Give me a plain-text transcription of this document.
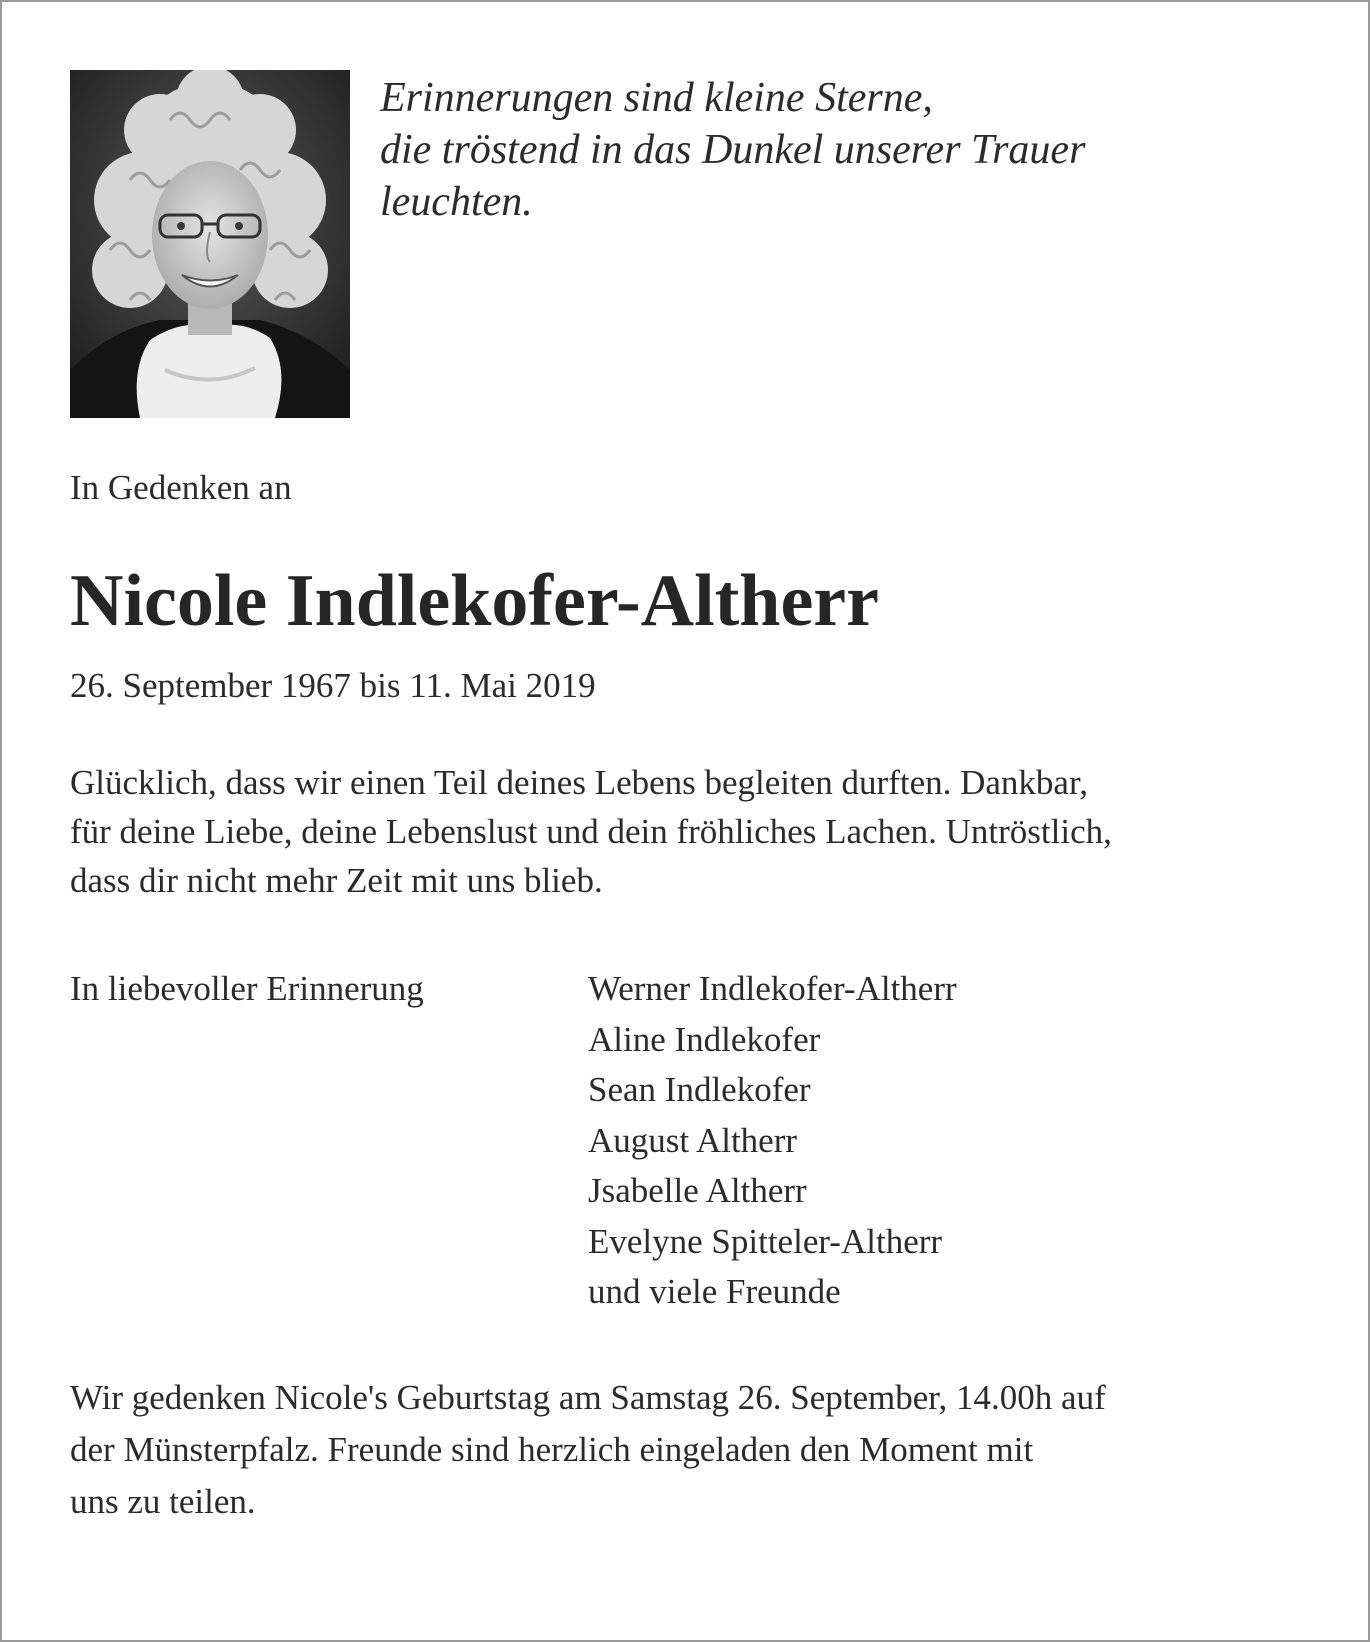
Erinnerungen sind kleine Sterne,
die tröstend in das Dunkel unserer Trauer
leuchten.
In Gedenken an
Nicole Indlekofer-Altherr
26. September 1967 bis 11. Mai 2019
Glücklich, dass wir einen Teil deines Lebens begleiten durften. Dankbar,
für deine Liebe, deine Lebenslust und dein fröhliches Lachen. Untröstlich,
dass dir nicht mehr Zeit mit uns blieb.
In liebevoller Erinnerung	Werner Indlekofer-Altherr
Aline Indlekofer
Sean Indlekofer
August Altherr
Jsabelle Altherr
Evelyne Spitteler-Altherr
und viele Freunde
Wir gedenken Nicole's Geburtstag am Samstag 26. September, 14.00h auf
der Münsterpfalz. Freunde sind herzlich eingeladen den Moment mit
uns zu teilen.
